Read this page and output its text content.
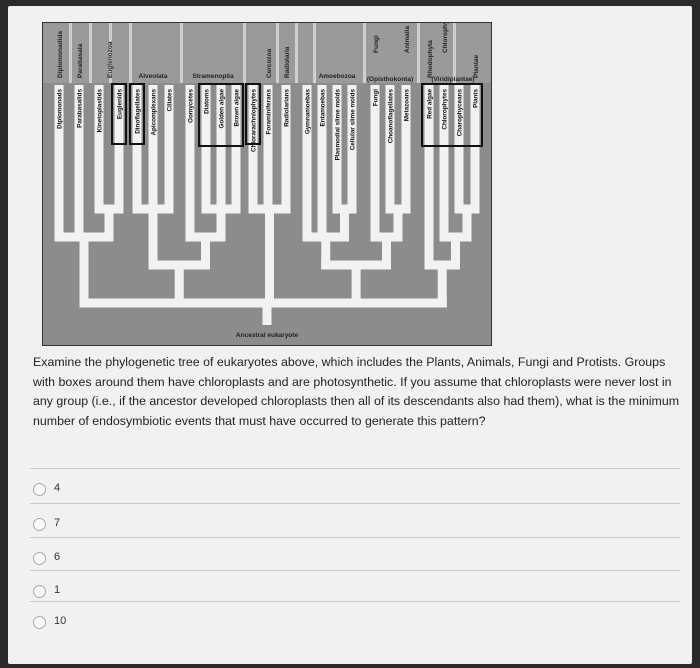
Diplomonadida Parabasala	Euglenozoa	Alveolata	Stramenopila	Cercozoa Radiolaria	Amoebozoa
Fungi
(Opisthokonta)
Animalia
Rhodophyta
Chlorophyta
(Viridiplantae)
Plantae
Ancestral eukaryote
Diplomonads Parabasalids Kinetoplastids Euglenids Dinoflagellates Apicomplexans Ciliates Oomycetes Diatoms Golden algae Brown algae Chlorarachniophytes Foraminiferans Radiolarians Gymnamoebas Entamoebas Plasmodial slime molds Cellular slime molds	Fungi Choanoflagellates Metazoans	Red algae Chlorophytes Charophyceans Plants
Examine the phylogenetic tree of eukaryotes above, which includes the Plants, Animals, Fungi and Protists. Groups with boxes around them have chloroplasts and are photosynthetic. If you assume that chloroplasts were never lost in any group (i.e., if the ancestor developed chloroplasts then all of its descendants also had them), what is the minimum number of endosymbiotic events that must have occurred to generate this pattern?
4
7
6
1
10
